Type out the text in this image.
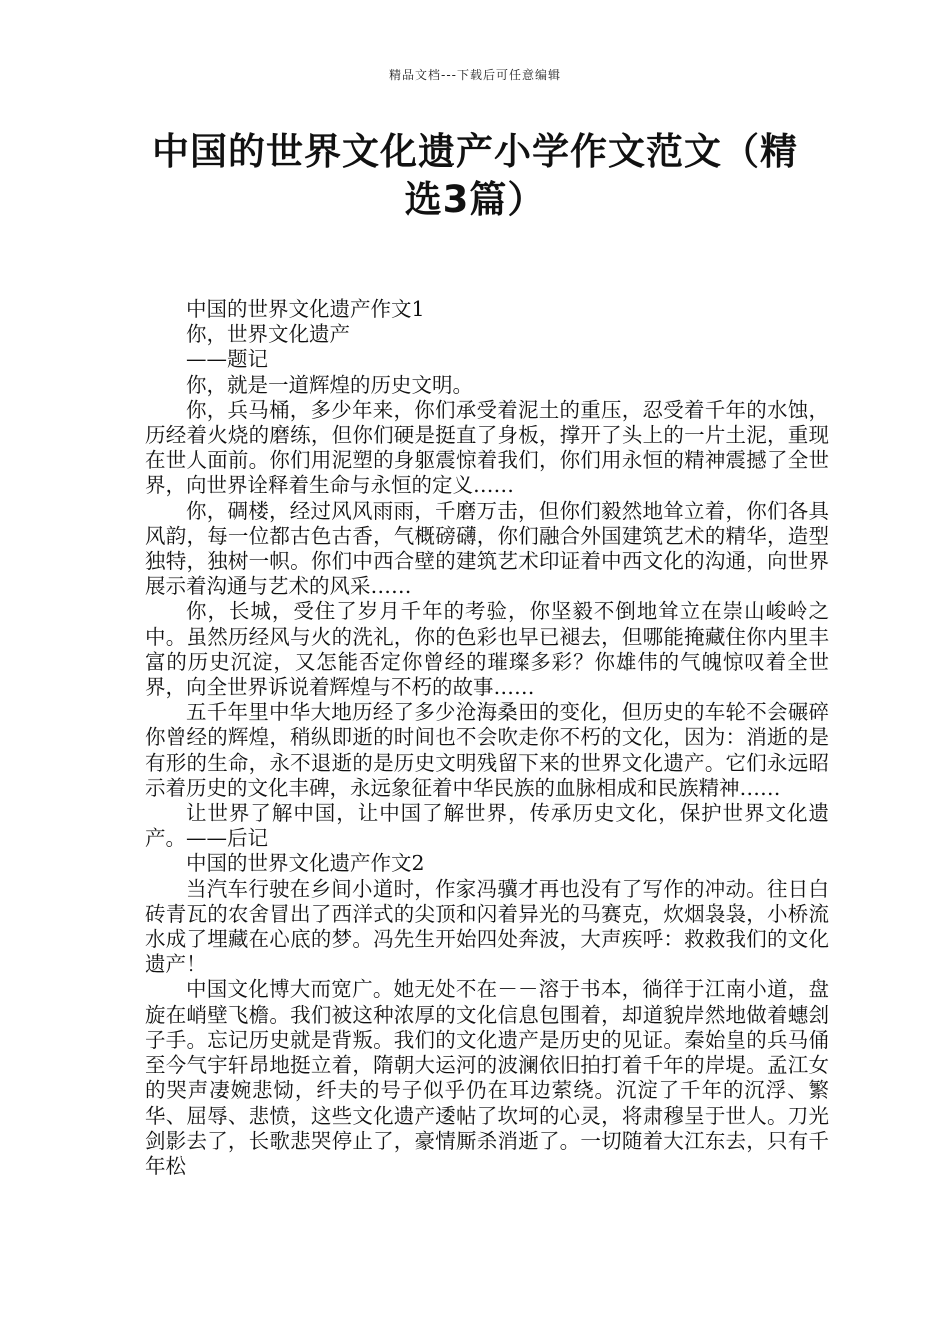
精品文档---下载后可任意编辑
中国的世界文化遗产小学作文范文（精选3篇）

中国的世界文化遗产作文1

你，世界文化遗产

——题记

你，就是一道辉煌的历史文明。

你，兵马桶，多少年来，你们承受着泥土的重压，忍受着千年的水蚀，历经着火烧的磨练，但你们硬是挺直了身板，撑开了头上的一片土泥，重现在世人面前。你们用泥塑的身躯震惊着我们，你们用永恒的精神震撼了全世界，向世界诠释着生命与永恒的定义……

你，碉楼，经过风风雨雨，千磨万击，但你们毅然地耸立着，你们各具风韵，每一位都古色古香，气概磅礴，你们融合外国建筑艺术的精华，造型独特，独树一帜。你们中西合壁的建筑艺术印证着中西文化的沟通，向世界展示着沟通与艺术的风采……

你，长城，受住了岁月千年的考验，你坚毅不倒地耸立在崇山峻岭之中。虽然历经风与火的洗礼，你的色彩也早已褪去，但哪能掩藏住你内里丰富的历史沉淀，又怎能否定你曾经的璀璨多彩？你雄伟的气魄惊叹着全世界，向全世界诉说着辉煌与不朽的故事……

五千年里中华大地历经了多少沧海桑田的变化，但历史的车轮不会碾碎你曾经的辉煌，稍纵即逝的时间也不会吹走你不朽的文化，因为：消逝的是有形的生命，永不退逝的是历史文明残留下来的世界文化遗产。它们永远昭示着历史的文化丰碑，永远象征着中华民族的血脉相成和民族精神……

让世界了解中国，让中国了解世界，传承历史文化，保护世界文化遗产。——后记

中国的世界文化遗产作文2

当汽车行驶在乡间小道时，作家冯骥才再也没有了写作的冲动。往日白砖青瓦的农舍冒出了西洋式的尖顶和闪着异光的马赛克，炊烟袅袅，小桥流水成了埋藏在心底的梦。冯先生开始四处奔波，大声疾呼：救救我们的文化遗产！

中国文化博大而宽广。她无处不在－－溶于书本，徜徉于江南小道，盘旋在峭壁飞檐。我们被这种浓厚的文化信息包围着，却道貌岸然地做着蟪刽子手。忘记历史就是背叛。我们的文化遗产是历史的见证。秦始皇的兵马俑至今气宇轩昂地挺立着，隋朝大运河的波澜依旧拍打着千年的岸堤。孟江女的哭声凄婉悲恸，纤夫的号子似乎仍在耳边萦绕。沉淀了千年的沉浮、繁华、屈辱、悲愤，这些文化遗产逶帖了坎坷的心灵，将肃穆呈于世人。刀光剑影去了，长歌悲哭停止了，豪情厮杀消逝了。一切随着大江东去，只有千年松
